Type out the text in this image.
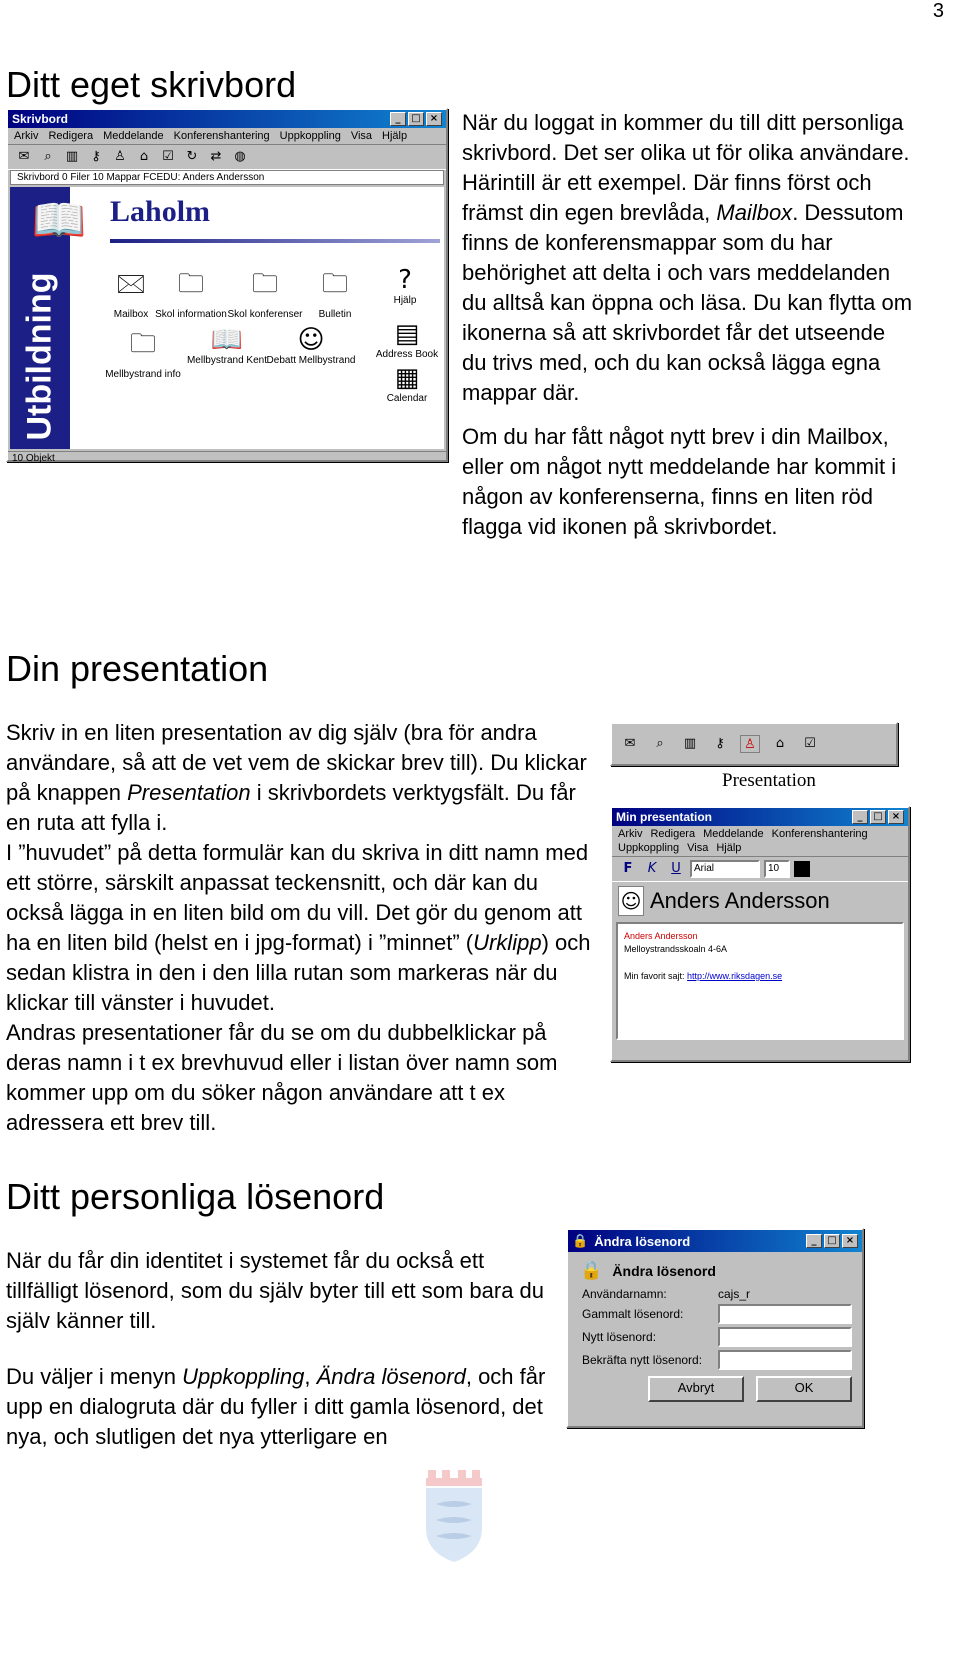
3
Ditt eget skrivbord
Skrivbord	_	□ ×
Arkiv Redigera Meddelande Konferenshantering Uppkoppling Visa Hjälp
✉	⌕	▥	⚷	♙	⌂	☑ ↻	⇄ ◍
Skrivbord 0 Filer 10 Mappar FCEDU: Anders Andersson
📖
Utbildning
Laholm
🖂
Mailbox
🗀
Skol information
🗀
Skol konferenser
🗀
Bulletin
?
Hjälp
🗀
Mellbystrand info
📖
Mellbystrand Kent
☺
Debatt Mellbystrand
▤
Address Book
▦
Calendar
10 Objekt
När du loggat in kommer du till ditt personliga skrivbord. Det ser olika ut för olika användare. Härintill är ett exempel. Där finns först och främst din egen brevlåda, Mailbox. Dessutom finns de konferensmappar som du har behörighet att delta i och vars meddelanden du alltså kan öppna och läsa. Du kan flytta om ikonerna så att skrivbordet får det utseende du trivs med, och du kan också lägga egna mappar där.
Om du har fått något nytt brev i din Mailbox, eller om något nytt meddelande har kommit i någon av konferenserna, finns en liten röd flagga vid ikonen på skrivbordet.
Din presentation
Skriv in en liten presentation av dig själv (bra för andra användare, så att de vet vem de skickar brev till). Du klickar på knappen Presentation i skrivbordets verktygsfält. Du får en ruta att fylla i.
I ”huvudet” på detta formulär kan du skriva in ditt namn med ett större, särskilt anpassat teckensnitt, och där kan du också lägga in en liten bild om du vill. Det gör du genom att ha en liten bild (helst en i jpg-format) i ”minnet” (Urklipp) och sedan klistra in den i den lilla rutan som markeras när du klickar till vänster i huvudet.
Andras presentationer får du se om du dubbelklickar på deras namn i t ex brevhuvud eller i listan över namn som kommer upp om du söker någon användare att t ex adressera ett brev till.
✉	⌕	▥	⚷	♙	⌂	☑
Presentation
Min presentation	_	□ ×
Arkiv Redigera Meddelande Konferenshantering
Uppkoppling Visa Hjälp
F	K	U	Arial	10
☺ Anders Andersson
Anders Andersson
Melloystrandsskoaln 4-6A
Min favorit sajt: http://www.riksdagen.se
Ditt personliga lösenord
När du får din identitet i systemet får du också ett tillfälligt lösenord, som du själv byter till ett som bara du själv känner till.
Du väljer i menyn Uppkoppling, Ändra lösenord, och får upp en dialogruta där du fyller i ditt gamla lösenord, det nya, och slutligen det nya ytterligare en
🔒 Ändra lösenord	_	□ ×
🔒 Ändra lösenord
Användarnamn:	cajs_r
Gammalt lösenord:
Nytt lösenord:
Bekräfta nytt lösenord:
Avbryt	OK
